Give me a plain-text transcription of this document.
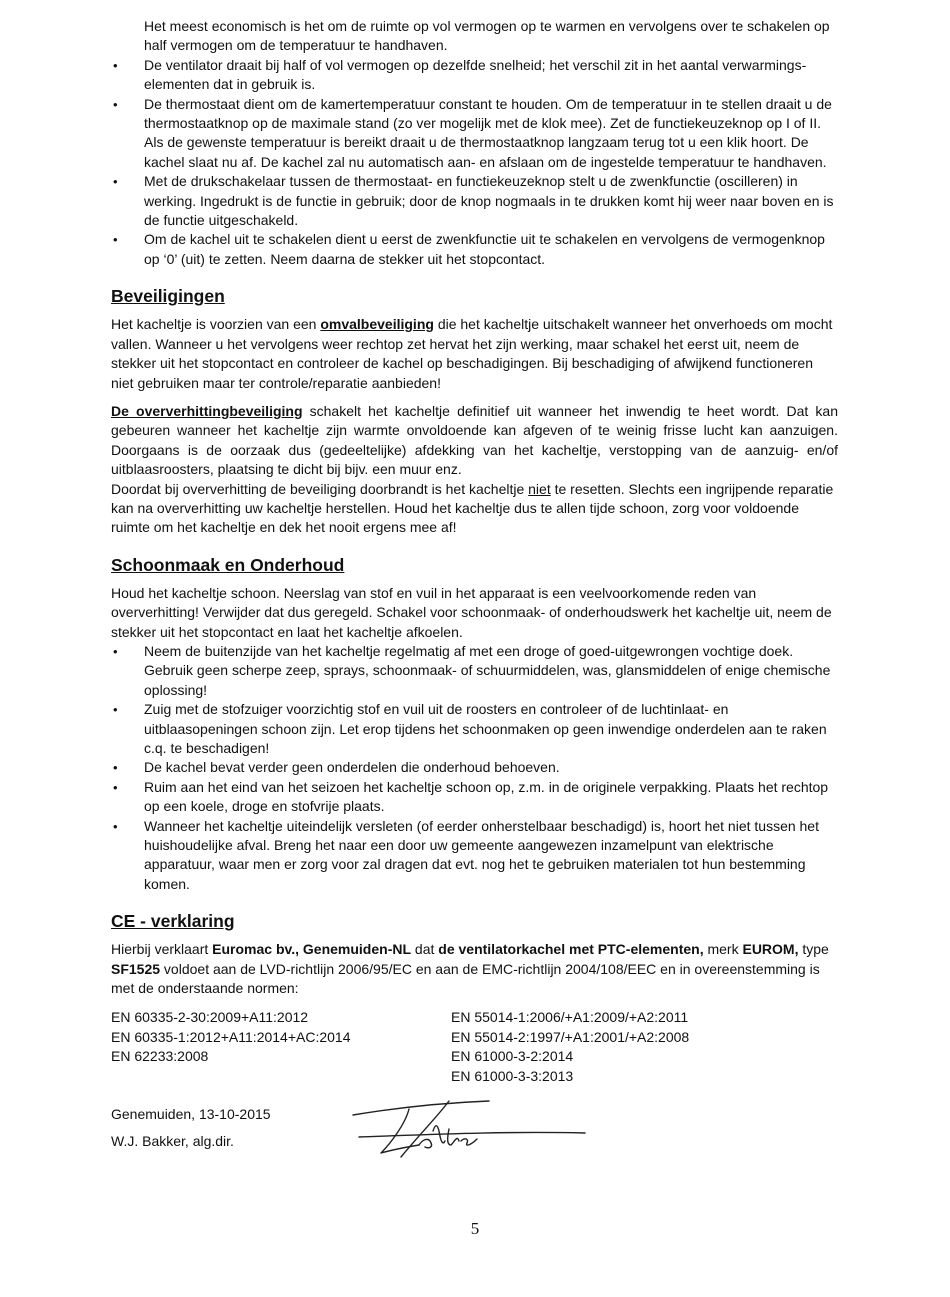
Het meest economisch is het om de ruimte op vol vermogen op te warmen en vervolgens over te schakelen op half vermogen om de temperatuur te handhaven.

• De ventilator draait bij half of vol vermogen op dezelfde snelheid; het verschil zit in het aantal verwarmings-elementen dat in gebruik is.
• De thermostaat dient om de kamertemperatuur constant te houden. Om de temperatuur in te stellen draait u de thermostaatknop op de maximale stand (zo ver mogelijk met de klok mee). Zet de functiekeuzeknop op I of II. Als de gewenste temperatuur is bereikt draait u de thermostaatknop langzaam terug tot u een klik hoort. De kachel slaat nu af. De kachel zal nu automatisch aan- en afslaan om de ingestelde temperatuur te handhaven.
• Met de drukschakelaar tussen de thermostaat- en functiekeuzeknop stelt u de zwenkfunctie (oscilleren) in werking. Ingedrukt is de functie in gebruik; door de knop nogmaals in te drukken komt hij weer naar boven en is de functie uitgeschakeld.
• Om de kachel uit te schakelen dient u eerst de zwenkfunctie uit te schakelen en vervolgens de vermogenknop op ‘0’ (uit) te zetten. Neem daarna de stekker uit het stopcontact.
Beveiligingen

Het kacheltje is voorzien van een omvalbeveiliging die het kacheltje uitschakelt wanneer het onverhoeds om mocht vallen. Wanneer u het vervolgens weer rechtop zet hervat het zijn werking, maar schakel het eerst uit, neem de stekker uit het stopcontact en controleer de kachel op beschadigingen. Bij beschadiging of afwijkend functioneren niet gebruiken maar ter controle/reparatie aanbieden!

De oververhittingbeveiliging schakelt het kacheltje definitief uit wanneer het inwendig te heet wordt. Dat kan gebeuren wanneer het kacheltje zijn warmte onvoldoende kan afgeven of te weinig frisse lucht kan aanzuigen. Doorgaans is de oorzaak dus (gedeeltelijke) afdekking van het kacheltje, verstopping van de aanzuig- en/of uitblaasroosters, plaatsing te dicht bij bijv. een muur enz.

Doordat bij oververhitting de beveiliging doorbrandt is het kacheltje niet te resetten. Slechts een ingrijpende reparatie kan na oververhitting uw kacheltje herstellen. Houd het kacheltje dus te allen tijde schoon, zorg voor voldoende ruimte om het kacheltje en dek het nooit ergens mee af!

Schoonmaak en Onderhoud

Houd het kacheltje schoon. Neerslag van stof en vuil in het apparaat is een veelvoorkomende reden van oververhitting! Verwijder dat dus geregeld. Schakel voor schoonmaak- of onderhoudswerk het kacheltje uit, neem de stekker uit het stopcontact en laat het kacheltje afkoelen.

• Neem de buitenzijde van het kacheltje regelmatig af met een droge of goed-uitgewrongen vochtige doek. Gebruik geen scherpe zeep, sprays, schoonmaak- of schuurmiddelen, was, glansmiddelen of enige chemische oplossing!
• Zuig met de stofzuiger voorzichtig stof en vuil uit de roosters en controleer of de luchtinlaat- en uitblaasopeningen schoon zijn. Let erop tijdens het schoonmaken op geen inwendige onderdelen aan te raken c.q. te beschadigen!
• De kachel bevat verder geen onderdelen die onderhoud behoeven.
• Ruim aan het eind van het seizoen het kacheltje schoon op, z.m. in de originele verpakking. Plaats het rechtop op een koele, droge en stofvrije plaats.
• Wanneer het kacheltje uiteindelijk versleten (of eerder onherstelbaar beschadigd) is, hoort het niet tussen het huishoudelijke afval. Breng het naar een door uw gemeente aangewezen inzamelpunt van elektrische apparatuur, waar men er zorg voor zal dragen dat evt. nog het te gebruiken materialen tot hun bestemming komen.
CE - verklaring

Hierbij verklaart Euromac bv., Genemuiden-NL dat de ventilatorkachel met PTC-elementen, merk EUROM, type SF1525 voldoet aan de LVD-richtlijn 2006/95/EC en aan de EMC-richtlijn 2004/108/EEC en in overeenstemming is met de onderstaande normen:

EN 60335-2-30:2009+A11:2012
EN 60335-1:2012+A11:2014+AC:2014
EN 62233:2008
EN 55014-1:2006/+A1:2009/+A2:2011
EN 55014-2:1997/+A1:2001/+A2:2008
EN 61000-3-2:2014
EN 61000-3-3:2013
Genemuiden, 13-10-2015
W.J. Bakker, alg.dir.
5
